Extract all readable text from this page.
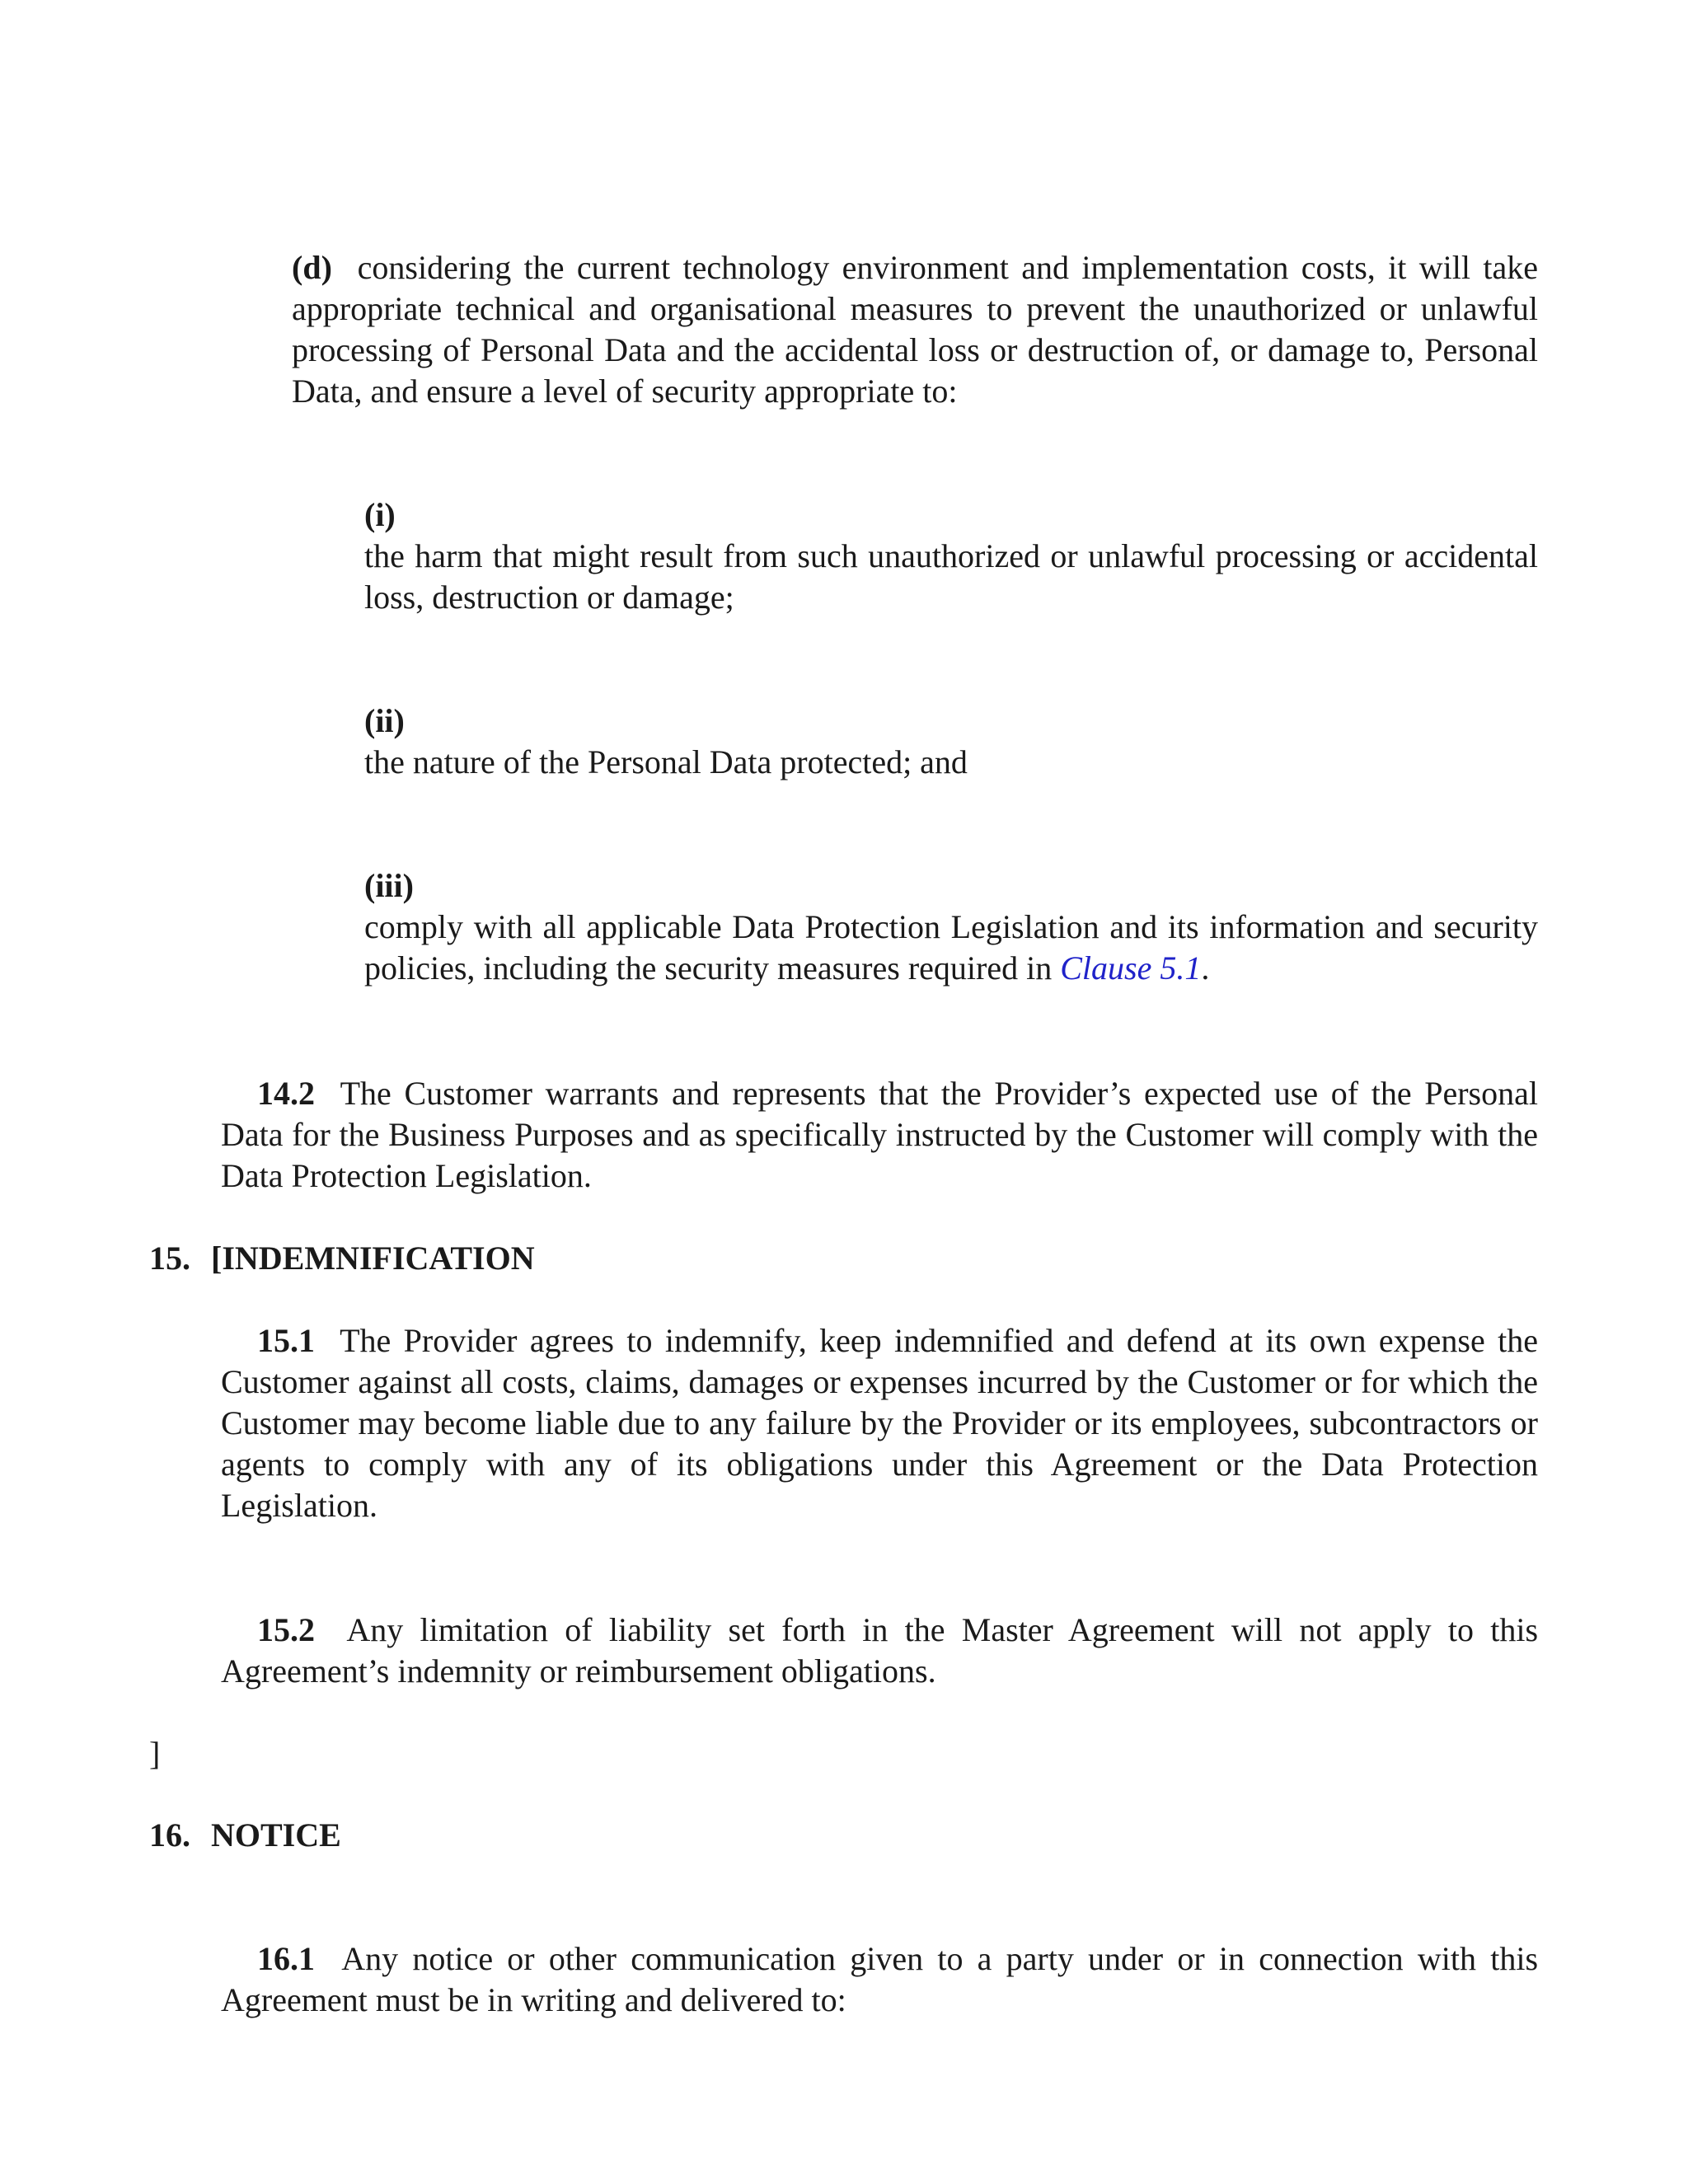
(d) considering the current technology environment and implementation costs, it will take appropriate technical and organisational measures to prevent the unauthorized or unlawful processing of Personal Data and the accidental loss or destruction of, or damage to, Personal Data, and ensure a level of security appropriate to:

(i)
the harm that might result from such unauthorized or unlawful processing or accidental loss, destruction or damage;
(ii)
the nature of the Personal Data protected; and
(iii)
comply with all applicable Data Protection Legislation and its information and security policies, including the security measures required in Clause 5.1.

14.2 The Customer warrants and represents that the Provider’s expected use of the Personal Data for the Business Purposes and as specifically instructed by the Customer will comply with the Data Protection Legislation.

15. [INDEMNIFICATION

15.1 The Provider agrees to indemnify, keep indemnified and defend at its own expense the Customer against all costs, claims, damages or expenses incurred by the Customer or for which the Customer may become liable due to any failure by the Provider or its employees, subcontractors or agents to comply with any of its obligations under this Agreement or the Data Protection Legislation.

15.2 Any limitation of liability set forth in the Master Agreement will not apply to this Agreement’s indemnity or reimbursement obligations.

]

16. NOTICE

16.1 Any notice or other communication given to a party under or in connection with this Agreement must be in writing and delivered to:
